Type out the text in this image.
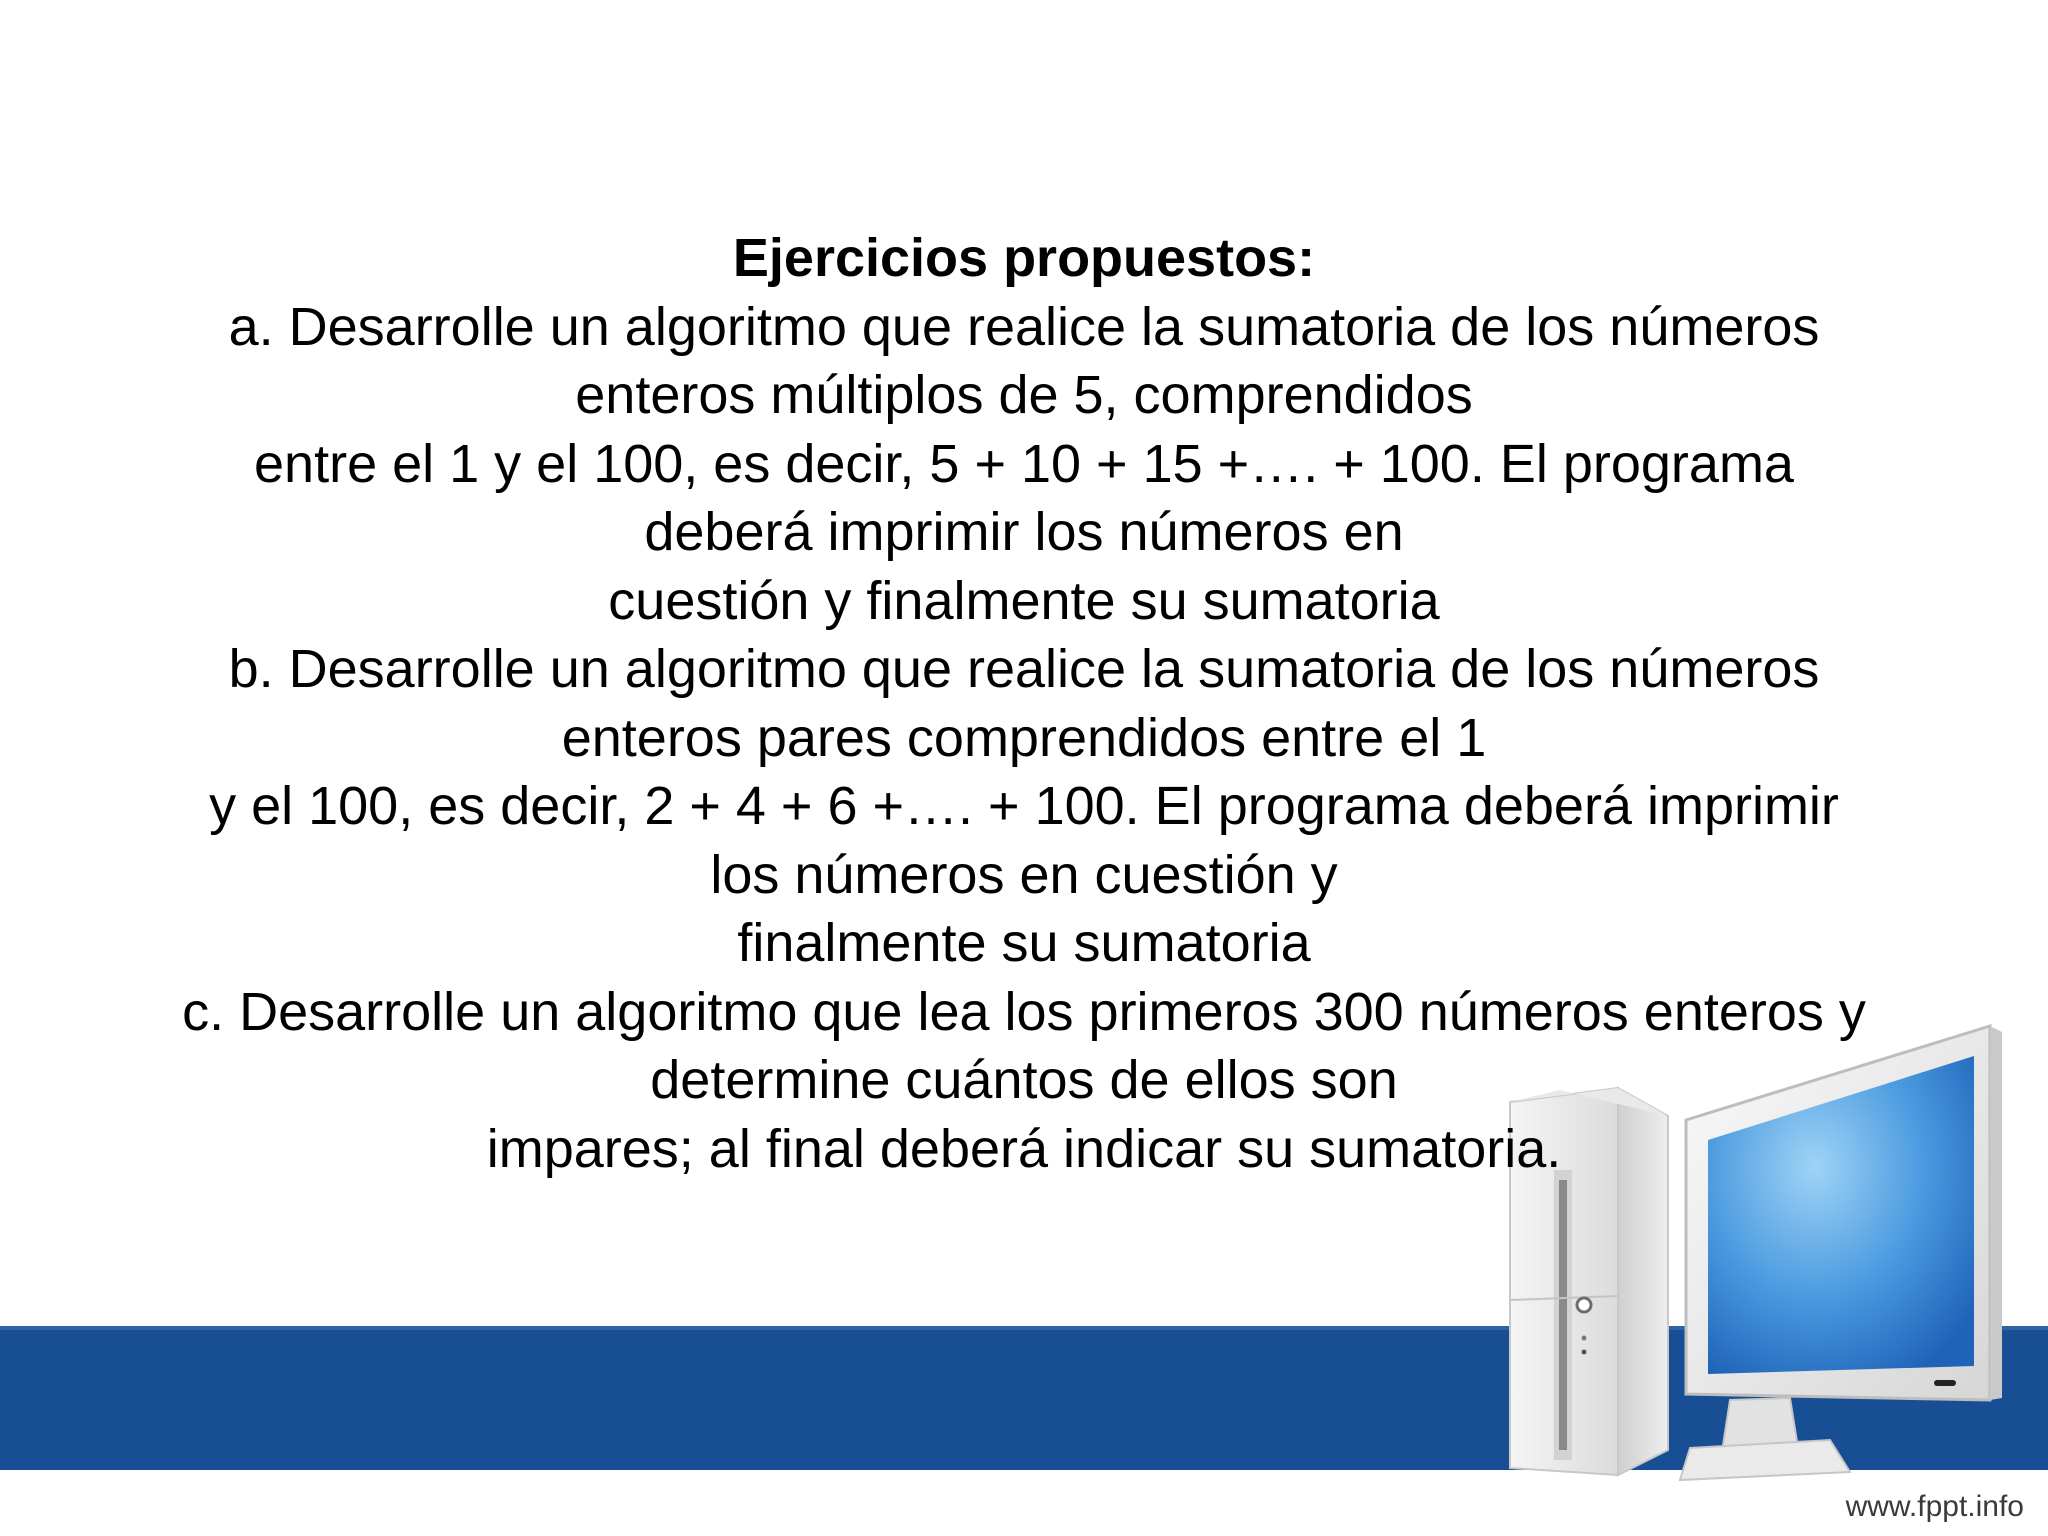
Ejercicios propuestos:
a. Desarrolle un algoritmo que realice la sumatoria de los números
enteros múltiplos de 5, comprendidos
entre el 1 y el 100, es decir, 5 + 10 + 15 +…. + 100. El programa
deberá imprimir los números en
cuestión y finalmente su sumatoria
b. Desarrolle un algoritmo que realice la sumatoria de los números
enteros pares comprendidos entre el 1
y el 100, es decir, 2 + 4 + 6 +…. + 100. El programa deberá imprimir
los números en cuestión y
finalmente su sumatoria
c. Desarrolle un algoritmo que lea los primeros 300 números enteros y
determine cuántos de ellos son
impares; al final deberá indicar su sumatoria.
www.fppt.info
